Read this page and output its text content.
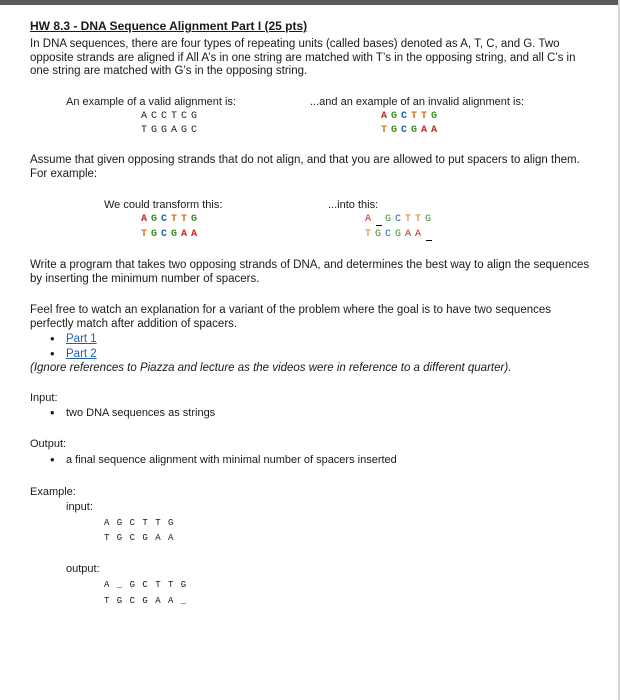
HW 8.3 - DNA Sequence Alignment Part I (25 pts)
In DNA sequences, there are four types of repeating units (called bases) denoted as A, T, C, and G. Two opposite strands are aligned if All A’s in one string are matched with T’s in the opposing string, and all C’s in one string are matched with G’s in the opposing string.
An example of a valid alignment is:
A C C T C G
T G G A G C
...and an example of an invalid alignment is:
A G C T T G
T G C G A A
Assume that given opposing strands that do not align, and that you are allowed to put spacers to align them. For example:
We could transform this:
A G C T T G
T G C G A A
...into this:
A G C T T G
T G C G A A
Write a program that takes two opposing strands of DNA, and determines the best way to align the sequences by inserting the minimum number of spacers.
Feel free to watch an explanation for a variant of the problem where the goal is to have two sequences perfectly match after addition of spacers.
• Part 1
• Part 2
(Ignore references to Piazza and lecture as the videos were in reference to a different quarter).
Input:
• two DNA sequences as strings
Output:
• a final sequence alignment with minimal number of spacers inserted
Example:
input:
A G C T T G
T G C G A A
output:
A _ G C T T G
T G C G A A _
